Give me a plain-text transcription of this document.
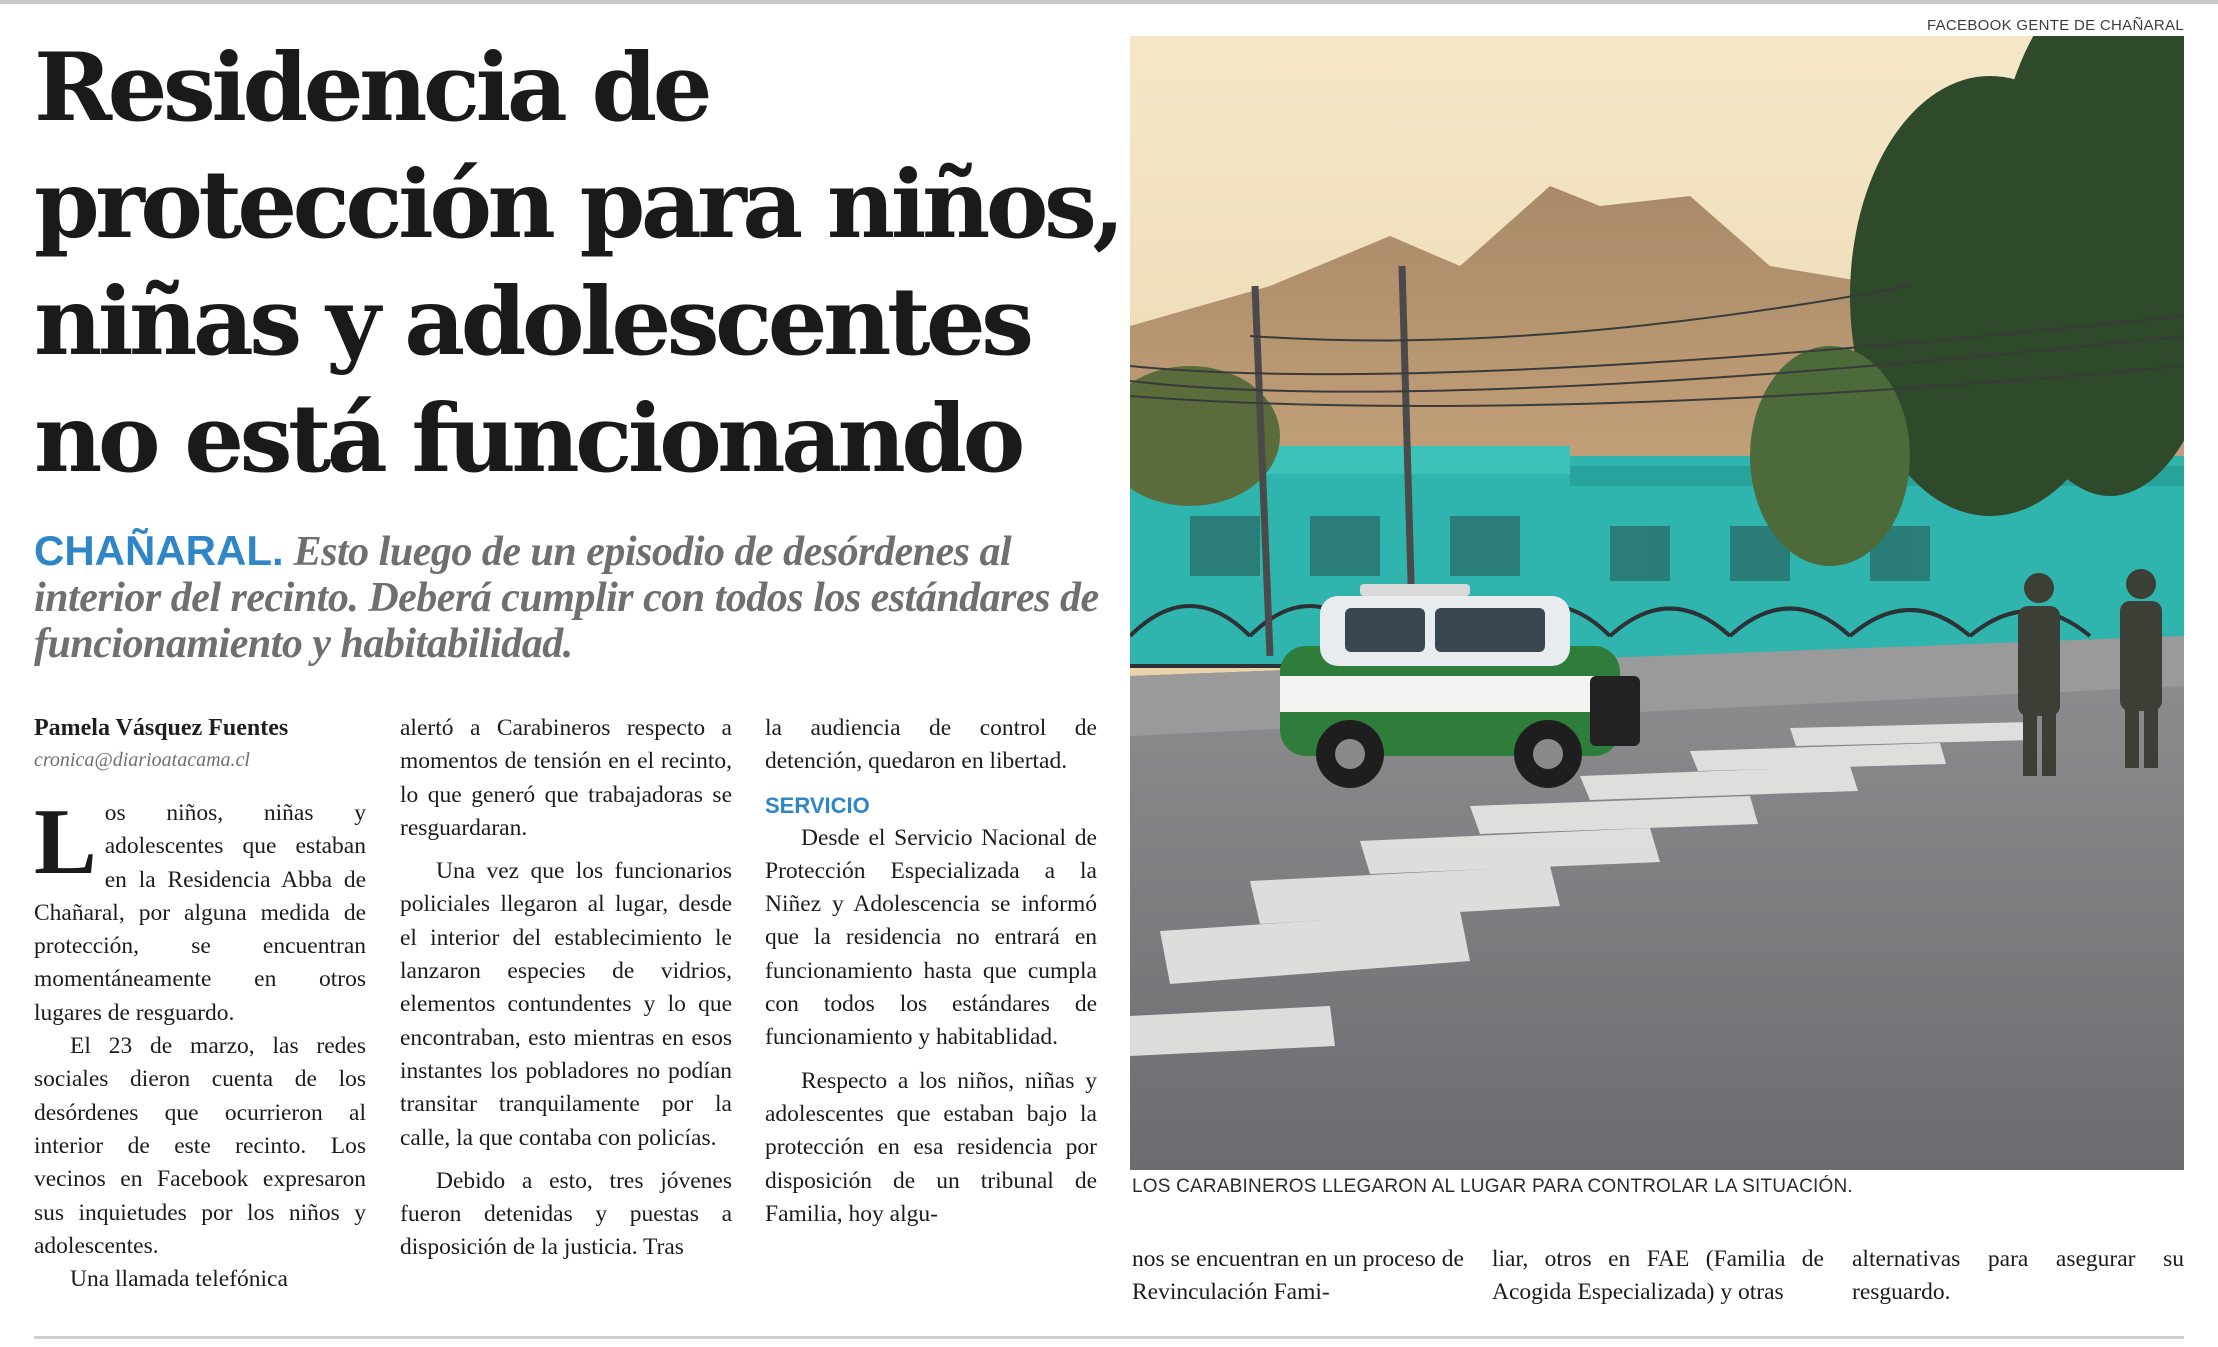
Residencia de protección para niños, niñas y adolescentes no está funcionando

CHAÑARAL. Esto luego de un episodio de desórdenes al interior del recinto. Deberá cumplir con todos los estándares de funcionamiento y habitabilidad.

Pamela Vásquez Fuentes
cronica@diarioatacama.cl

Los niños, niñas y adolescentes que estaban en la Residencia Abba de Chañaral, por alguna medida de protección, se encuentran momentáneamente en otros lugares de resguardo.

El 23 de marzo, las redes sociales dieron cuenta de los desórdenes que ocurrieron al interior de este recinto. Los vecinos en Facebook expresaron sus inquietudes por los niños y adolescentes.

Una llamada telefónica

alertó a Carabineros respecto a momentos de tensión en el recinto, lo que generó que trabajadoras se resguardaran.

Una vez que los funcionarios policiales llegaron al lugar, desde el interior del establecimiento le lanzaron especies de vidrios, elementos contundentes y lo que encontraban, esto mientras en esos instantes los pobladores no podían transitar tranquilamente por la calle, la que contaba con policías.

Debido a esto, tres jóvenes fueron detenidas y puestas a disposición de la justicia. Tras

la audiencia de control de detención, quedaron en libertad.

SERVICIO

Desde el Servicio Nacional de Protección Especializada a la Niñez y Adolescencia se informó que la residencia no entrará en funcionamiento hasta que cumpla con todos los estándares de funcionamiento y habitablidad.

Respecto a los niños, niñas y adolescentes que estaban bajo la protección en esa residencia por disposición de un tribunal de Familia, hoy algu-

FACEBOOK GENTE DE CHAÑARAL
LOS CARABINEROS LLEGARON AL LUGAR PARA CONTROLAR LA SITUACIÓN.

nos se encuentran en un proceso de Revinculación Fami-

liar, otros en FAE (Familia de Acogida Especializada) y otras

alternativas para asegurar su resguardo.
